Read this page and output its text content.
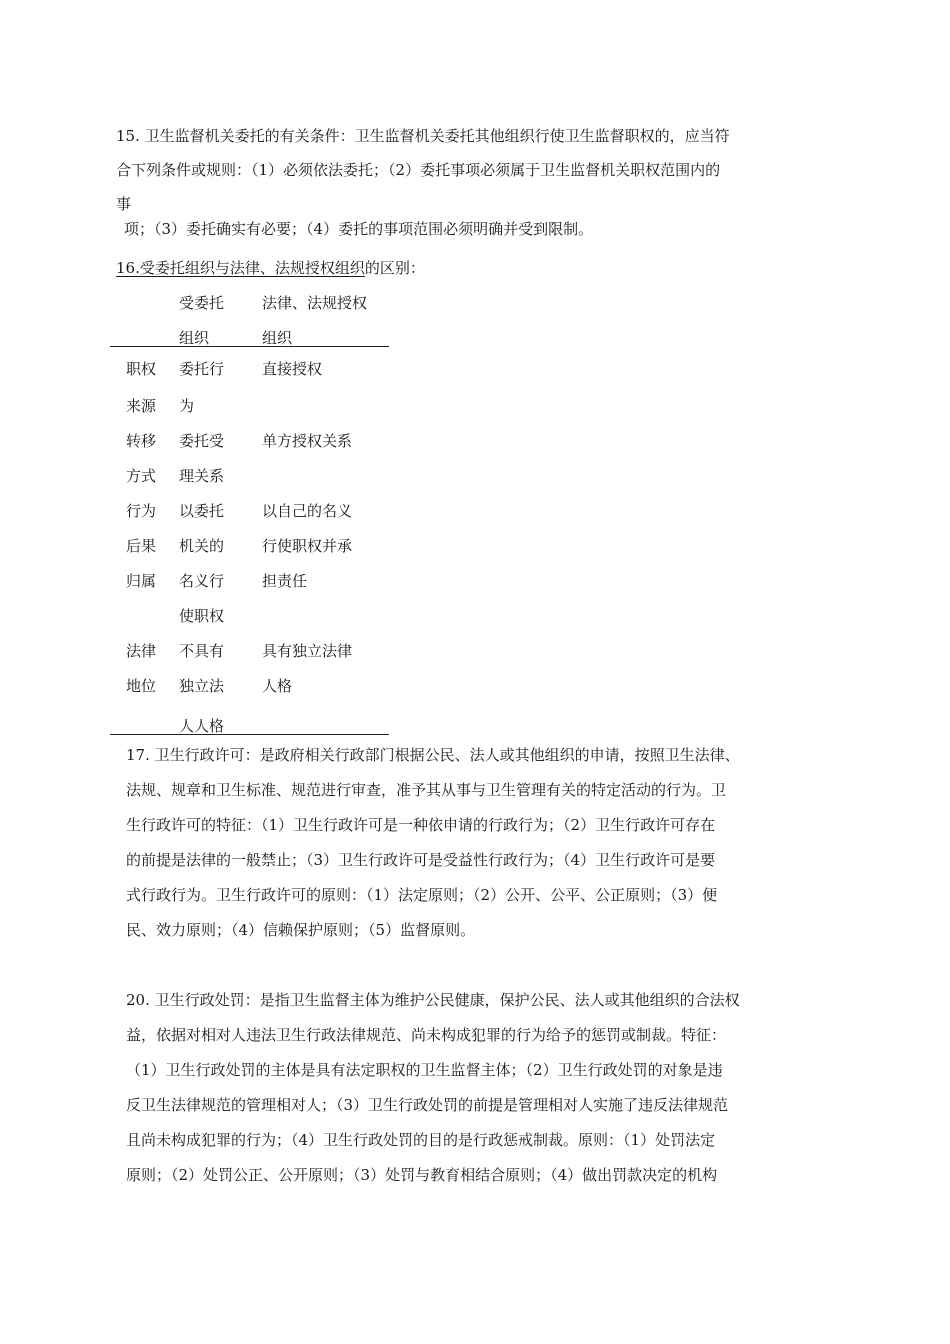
15. 卫生监督机关委托的有关条件：卫生监督机关委托其他组织行使卫生监督职权的，应当符
合下列条件或规则：（1）必须依法委托；（2）委托事项必须属于卫生监督机关职权范围内的
事
项；（3）委托确实有必要；（4）委托的事项范围必须明确并受到限制。
16.受委托组织与法律、法规授权组织的区别：
受委托
组织
法律、法规授权
组织
职权
来源
委托行
为
直接授权
转移
方式
委托受
理关系
单方授权关系
行为
后果
归属
以委托
机关的
名义行
使职权
以自己的名义
行使职权并承
担责任
法律
地位
不具有
独立法
人人格
具有独立法律
人格
17. 卫生行政许可：是政府相关行政部门根据公民、法人或其他组织的申请，按照卫生法律、
法规、规章和卫生标准、规范进行审查，准予其从事与卫生管理有关的特定活动的行为。卫
生行政许可的特征：（1）卫生行政许可是一种依申请的行政行为；（2）卫生行政许可存在
的前提是法律的一般禁止；（3）卫生行政许可是受益性行政行为；（4）卫生行政许可是要
式行政行为。卫生行政许可的原则：（1）法定原则；（2）公开、公平、公正原则；（3）便
民、效力原则；（4）信赖保护原则；（5）监督原则。
20. 卫生行政处罚：是指卫生监督主体为维护公民健康，保护公民、法人或其他组织的合法权
益，依据对相对人违法卫生行政法律规范、尚未构成犯罪的行为给予的惩罚或制裁。特征：
（1）卫生行政处罚的主体是具有法定职权的卫生监督主体；（2）卫生行政处罚的对象是违
反卫生法律规范的管理相对人；（3）卫生行政处罚的前提是管理相对人实施了违反法律规范
且尚未构成犯罪的行为；（4）卫生行政处罚的目的是行政惩戒制裁。原则：（1）处罚法定
原则；（2）处罚公正、公开原则；（3）处罚与教育相结合原则；（4）做出罚款决定的机构
